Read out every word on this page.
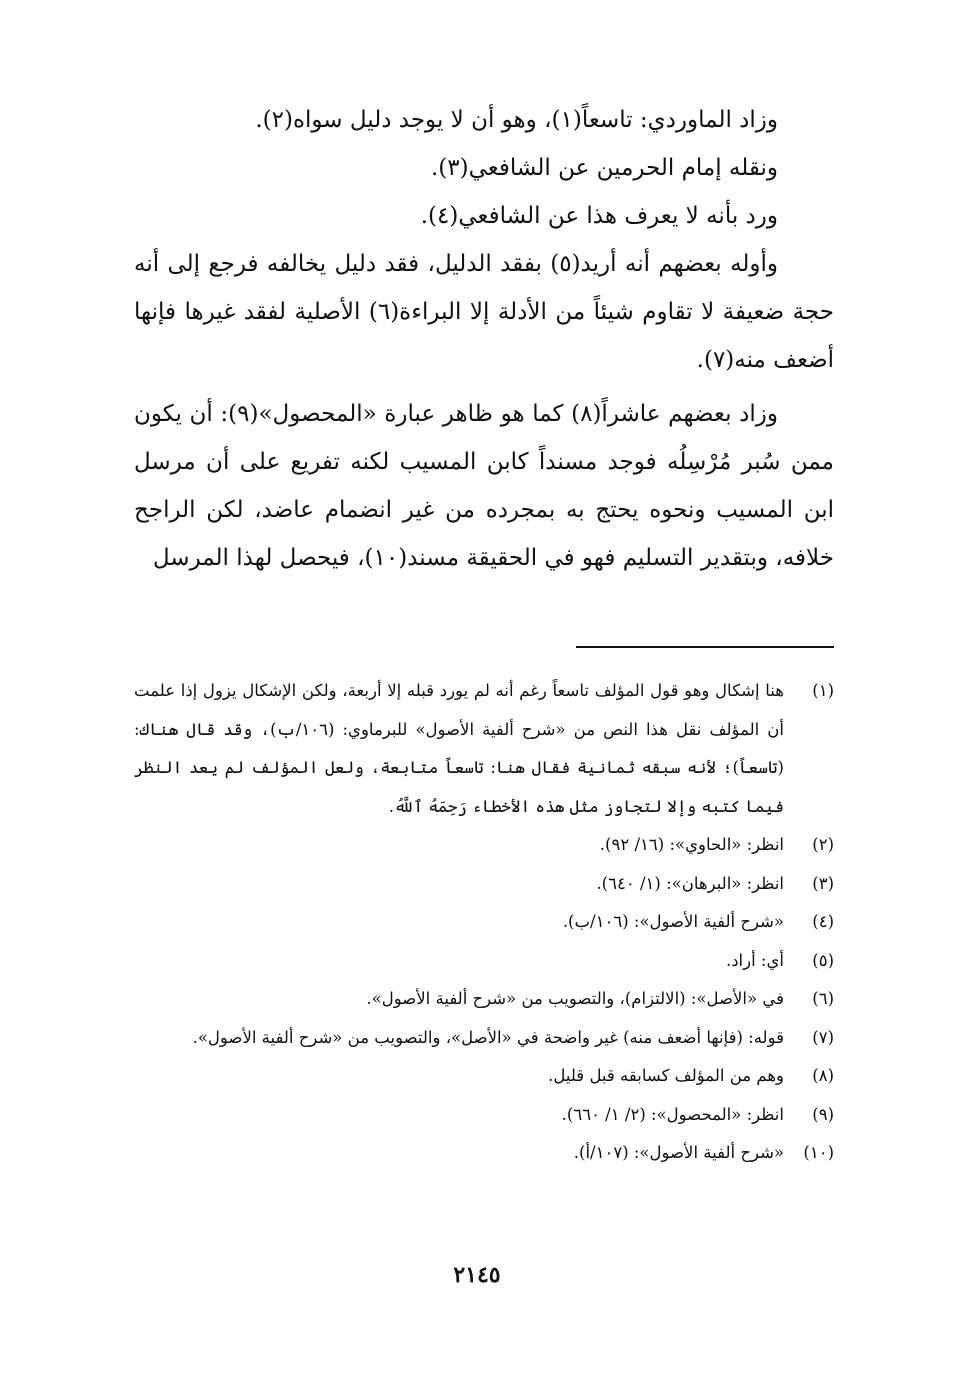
وزاد الماوردي: تاسعاً(١)، وهو أن لا يوجد دليل سواه(٢).

ونقله إمام الحرمين عن الشافعي(٣).

ورد بأنه لا يعرف هذا عن الشافعي(٤).

وأوله بعضهم أنه أريد(٥) بفقد الدليل، فقد دليل يخالفه فرجع إلى أنه حجة ضعيفة لا تقاوم شيئاً من الأدلة إلا البراءة(٦) الأصلية لفقد غيرها فإنها أضعف منه(٧).

وزاد بعضهم عاشراً(٨) كما هو ظاهر عبارة «المحصول»(٩): أن يكون ممن سُبر مُرْسِلُه فوجد مسنداً كابن المسيب لكنه تفريع على أن مرسل ابن المسيب ونحوه يحتج به بمجرده من غير انضمام عاضد، لكن الراجح خلافه، وبتقدير التسليم فهو في الحقيقة مسند(١٠)، فيحصل لهذا المرسل

(١)
هنا إشكال وهو قول المؤلف تاسعاً رغم أنه لم يورد قبله إلا أربعة، ولكن الإشكال يزول إذا علمت أن المؤلف نقل هذا النص من «شرح ألفية الأصول» للبرماوي: (١٠٦/ب)، وقد قال هناك: (تاسعاً)؛ لأنه سبقه ثمانية فقال هنا: تاسعاً متابعة، ولعل المؤلف لم يعد النظر فيما كتبه وإلا لتجاوز مثل هذه الأخطاء رَحِمَهُ ٱللَّهُ.
(٢)
انظر: «الحاوي»: (١٦/ ٩٢).
(٣)
انظر: «البرهان»: (١/ ٦٤٠).
(٤)
«شرح ألفية الأصول»: (١٠٦/ب).
(٥)
أي: أراد.
(٦)
في «الأصل»: (الالتزام)، والتصويب من «شرح ألفية الأصول».
(٧)
قوله: (فإنها أضعف منه) غير واضحة في «الأصل»، والتصويب من «شرح ألفية الأصول».
(٨)
وهم من المؤلف كسابقه قبل قليل.
(٩)
انظر: «المحصول»: (٢/ ١/ ٦٦٠).
(١٠)
«شرح ألفية الأصول»: (١٠٧/أ).
٢١٤٥
